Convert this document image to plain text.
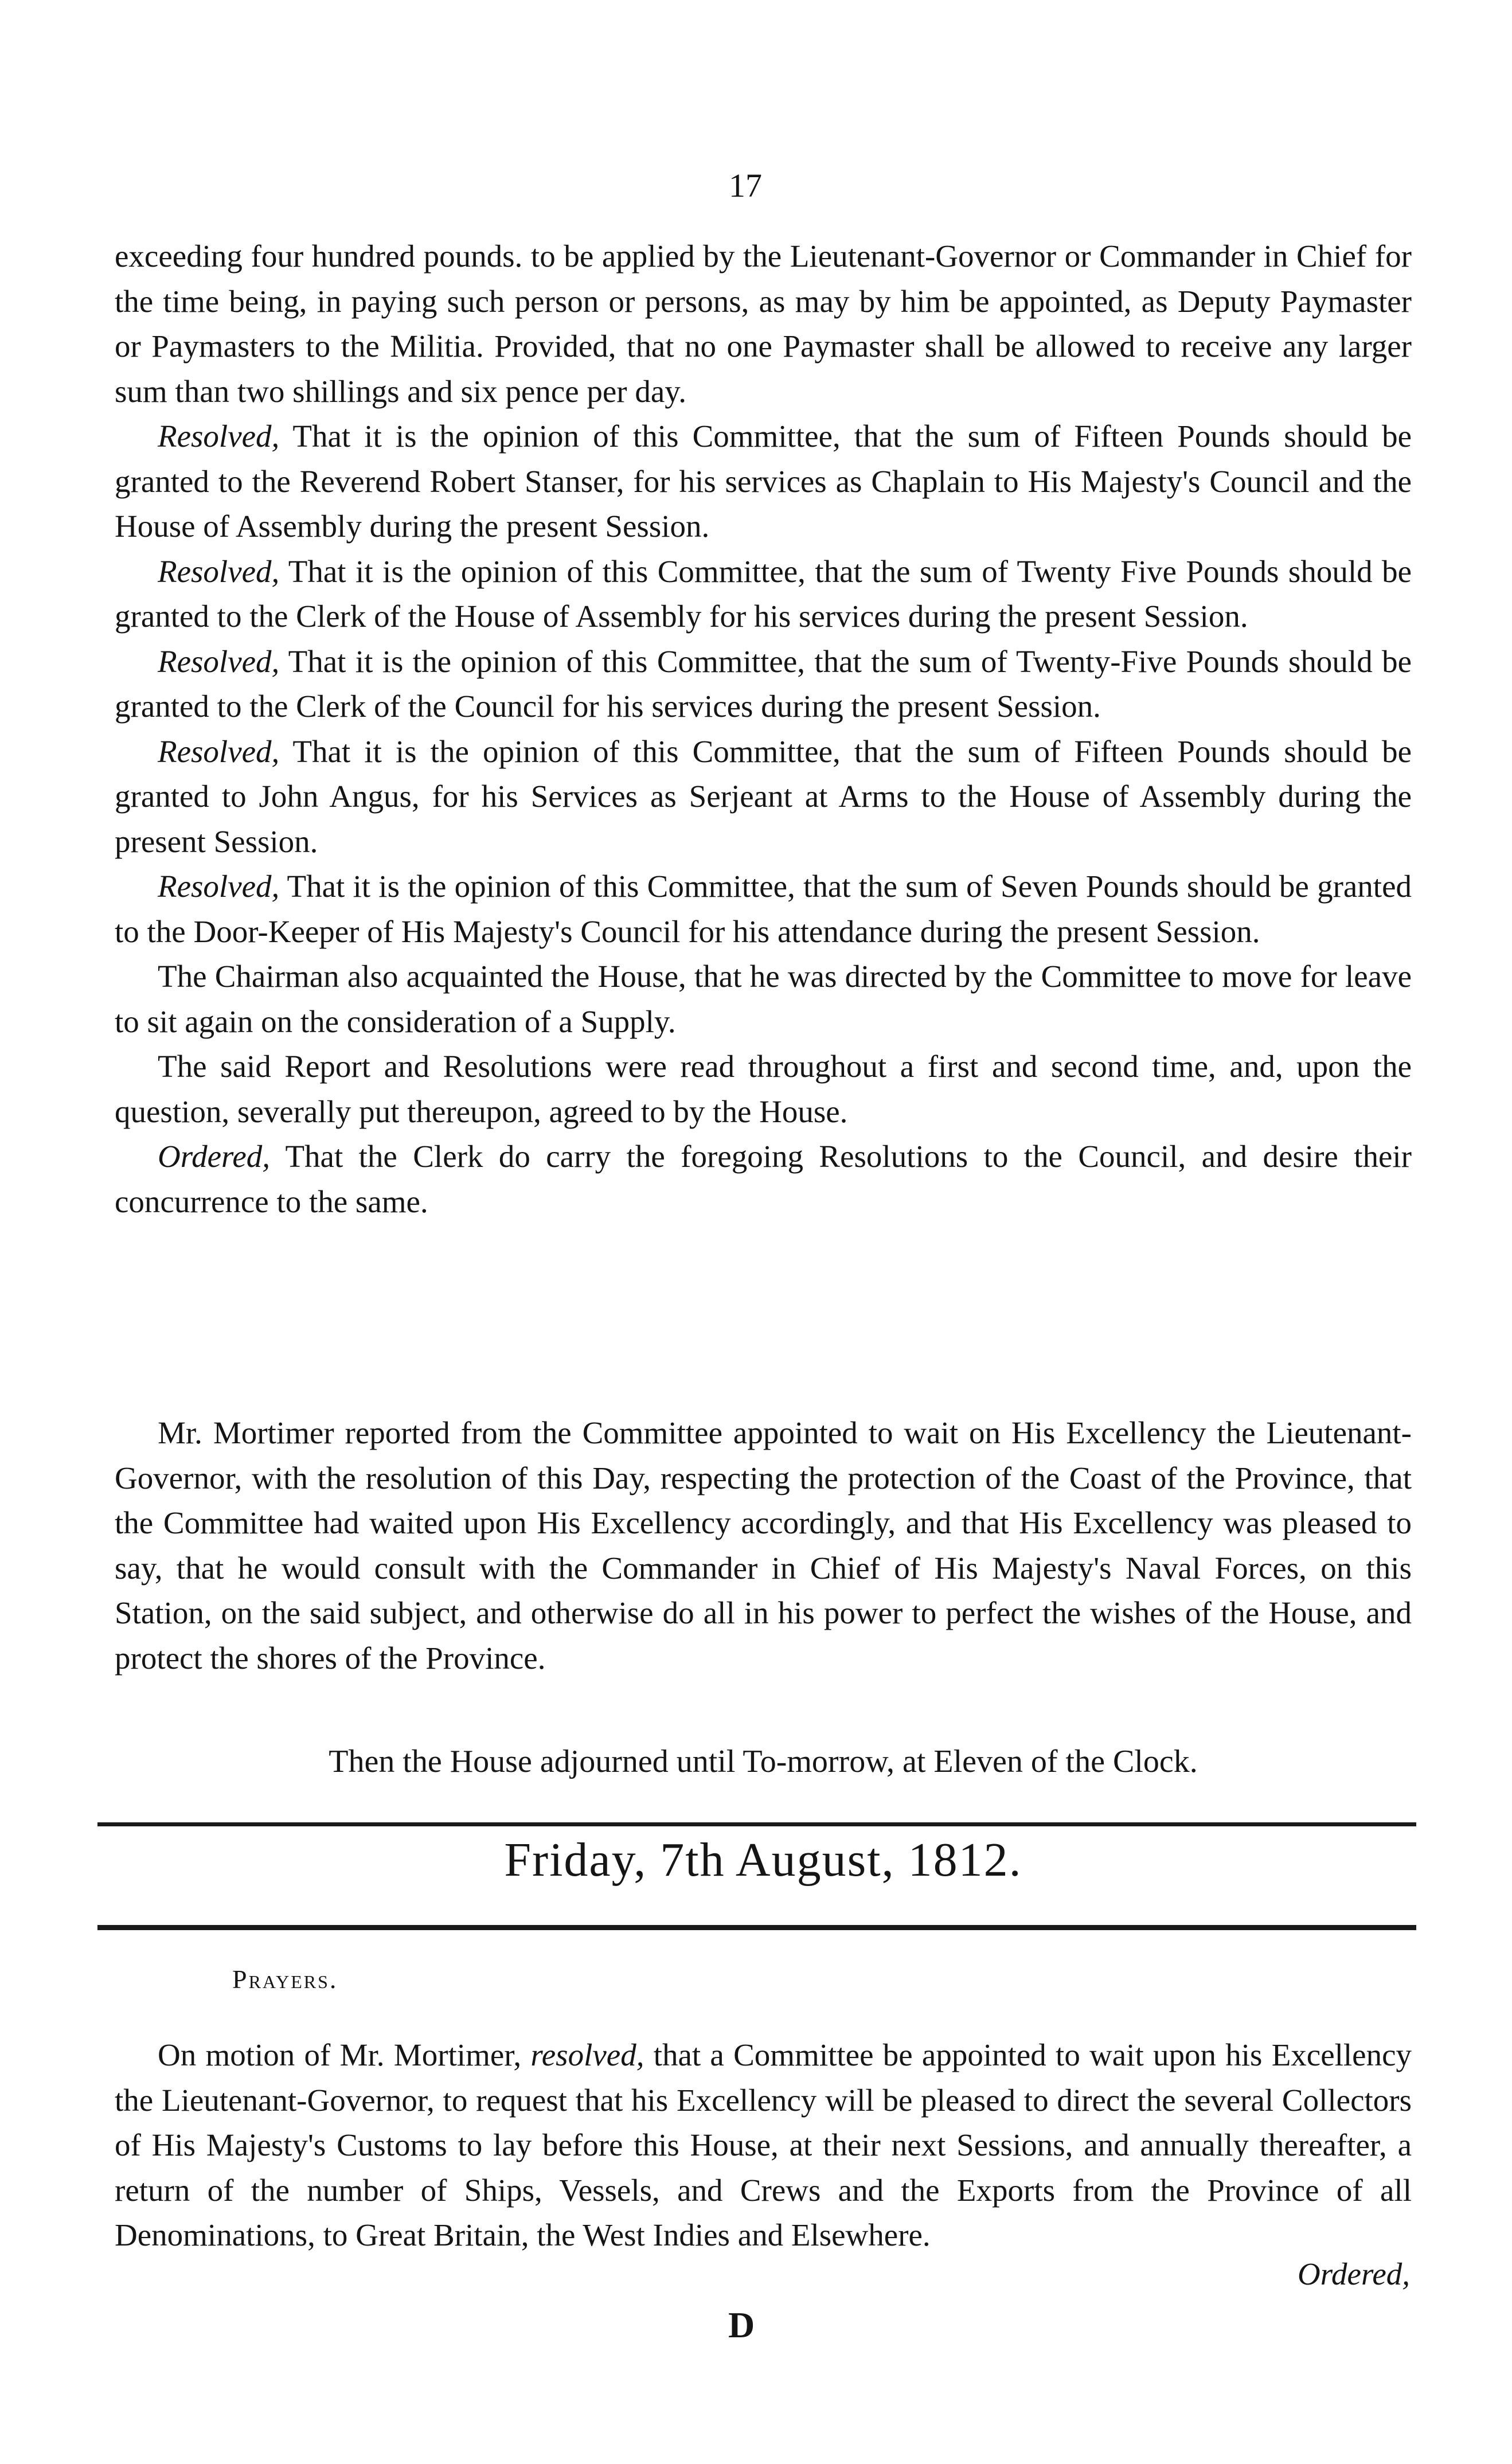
17

exceeding four hundred pounds. to be applied by the Lieutenant-Governor or Commander in Chief for the time being, in paying such person or persons, as may by him be appointed, as Deputy Paymaster or Paymasters to the Militia. Provided, that no one Paymaster shall be allowed to receive any larger sum than two shillings and six pence per day.

Resolved, That it is the opinion of this Committee, that the sum of Fifteen Pounds should be granted to the Reverend Robert Stanser, for his services as Chaplain to His Majesty's Council and the House of Assembly during the present Session.

Resolved, That it is the opinion of this Committee, that the sum of Twenty Five Pounds should be granted to the Clerk of the House of Assembly for his services during the present Session.

Resolved, That it is the opinion of this Committee, that the sum of Twenty-Five Pounds should be granted to the Clerk of the Council for his services during the present Session.

Resolved, That it is the opinion of this Committee, that the sum of Fifteen Pounds should be granted to John Angus, for his Services as Serjeant at Arms to the House of Assembly during the present Session.

Resolved, That it is the opinion of this Committee, that the sum of Seven Pounds should be granted to the Door-Keeper of His Majesty's Council for his attendance during the present Session.

The Chairman also acquainted the House, that he was directed by the Committee to move for leave to sit again on the consideration of a Supply.

The said Report and Resolutions were read throughout a first and second time, and, upon the question, severally put thereupon, agreed to by the House.

Ordered, That the Clerk do carry the foregoing Resolutions to the Council, and desire their concurrence to the same.

Mr. Mortimer reported from the Committee appointed to wait on His Excellency the Lieutenant-Governor, with the resolution of this Day, respecting the protection of the Coast of the Province, that the Committee had waited upon His Excellency accordingly, and that His Excellency was pleased to say, that he would consult with the Commander in Chief of His Majesty's Naval Forces, on this Station, on the said subject, and otherwise do all in his power to perfect the wishes of the House, and protect the shores of the Province.

Then the House adjourned until To-morrow, at Eleven of the Clock.
Friday, 7th August, 1812.
Prayers.

On motion of Mr. Mortimer, resolved, that a Committee be appointed to wait upon his Excellency the Lieutenant-Governor, to request that his Excellency will be pleased to direct the several Collectors of His Majesty's Customs to lay before this House, at their next Sessions, and annually thereafter, a return of the number of Ships, Vessels, and Crews and the Exports from the Province of all Denominations, to Great Britain, the West Indies and Elsewhere.

Ordered,
D
